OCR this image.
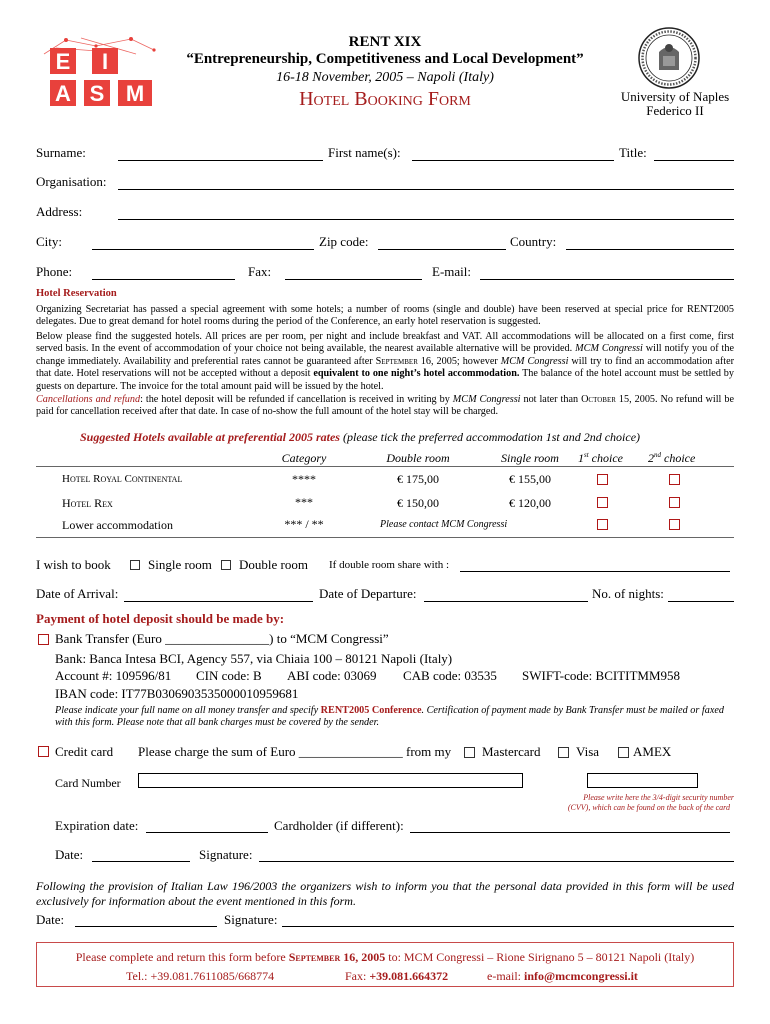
E	I
A S M
RENT XIX
“Entrepreneurship, Competitiveness and Local Development”
16-18 November, 2005 – Napoli (Italy)
Hotel Booking Form	University of Naples
Federico II
Surname:	First name(s):	Title:
Organisation:
Address:
City:	Zip code:	Country:
Phone:	Fax:	E-mail:
Hotel Reservation

Organizing Secretariat has passed a special agreement with some hotels; a number of rooms (single and double) have been reserved at special price for RENT2005 delegates. Due to great demand for hotel rooms during the period of the Conference, an early hotel reservation is suggested.

Below please find the suggested hotels. All prices are per room, per night and include breakfast and VAT. All accommodations will be allocated on a first come, first served basis. In the event of accommodation of your choice not being available, the nearest available alternative will be provided. MCM Congressi will notify you of the change immediately. Availability and preferential rates cannot be guaranteed after September 16, 2005; however MCM Congressi will try to find an accommodation after that date. Hotel reservations will not be accepted without a deposit equivalent to one night’s hotel accommodation. The balance of the hotel account must be settled by guests on departure. The invoice for the total amount paid will be issued by the hotel.

Cancellations and refund: the hotel deposit will be refunded if cancellation is received in writing by MCM Congressi not later than October 15, 2005. No refund will be paid for cancellation received after that date. In case of no-show the full amount of the hotel stay will be charged.

Suggested Hotels available at preferential 2005 rates (please tick the preferred accommodation 1st and 2nd choice)
Category	Double room	Single room	1st choice 2nd choice
Hotel Royal Continental	****	€ 175,00	€ 155,00
Hotel Rex	***	€ 150,00	€ 120,00
Lower accommodation	*** / **	Please contact MCM Congressi
I wish to book	Single room Double room If double room share with :
Date of Arrival:	Date of Departure:	No. of nights:
Payment of hotel deposit should be made by:
Bank Transfer (Euro ________________) to “MCM Congressi”
Bank: Banca Intesa BCI, Agency 557, via Chiaia 100 – 80121 Napoli (Italy)
Account #: 109596/81 CIN code: B ABI code: 03069 CAB code: 03535 SWIFT-code: BCITITMM958
IBAN code: IT77B0306903535000010959681

Please indicate your full name on all money transfer and specify RENT2005 Conference. Certification of payment made by Bank Transfer must be mailed or faxed with this form. Please note that all bank charges must be covered by the sender.

Credit card Please charge the sum of Euro ________________ from my Mastercard	Visa	AMEX
Card Number
Please write here the 3/4-digit security number
(CVV), which can be found on the back of the card
Expiration date:	Cardholder (if different):
Date:	Signature:

Following the provision of Italian Law 196/2003 the organizers wish to inform you that the personal data provided in this form will be used exclusively for information about the event mentioned in this form.

Date:	Signature:
Please complete and return this form before September 16, 2005 to: MCM Congressi – Rione Sirignano 5 – 80121 Napoli (Italy)
Tel.: +39.081.7611085/668774	Fax: +39.081.664372	e-mail: info@mcmcongressi.it
